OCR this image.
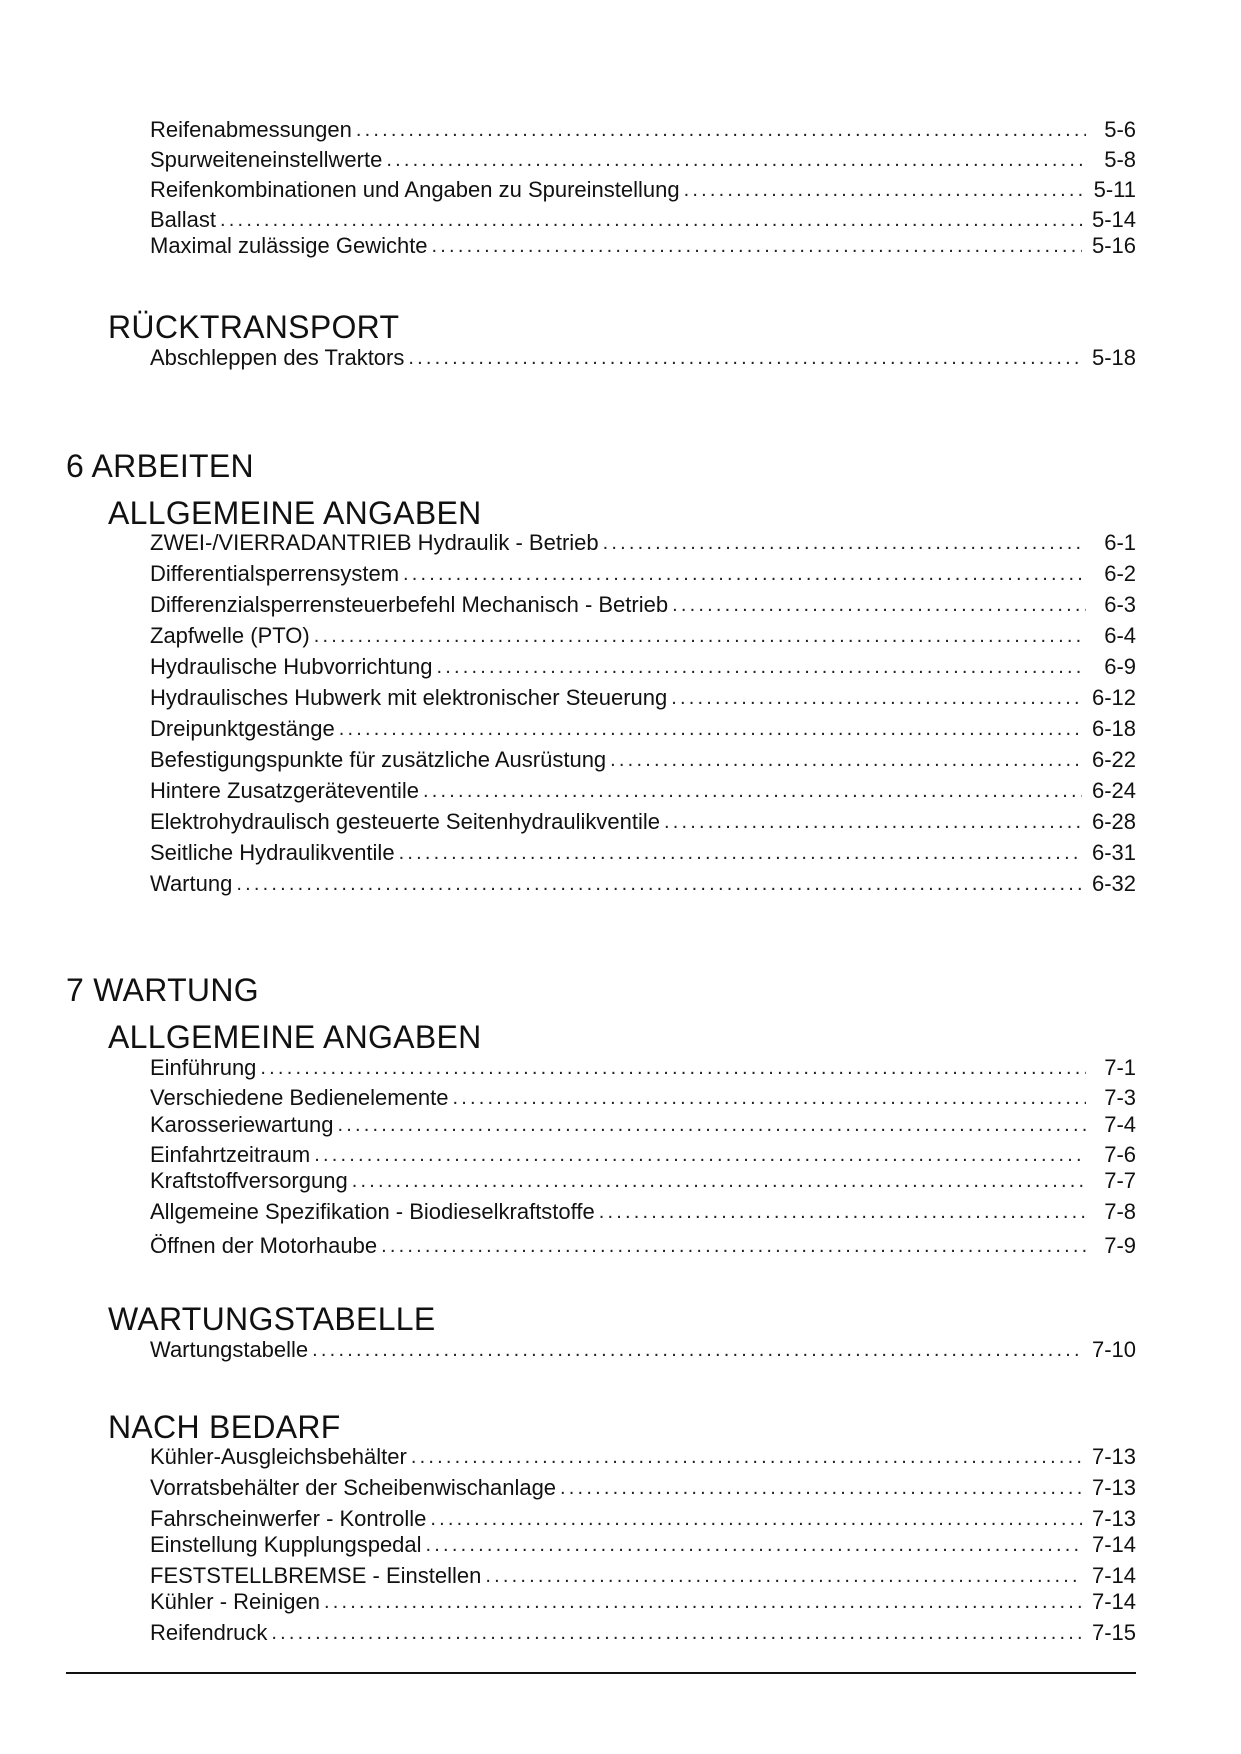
Reifenabmessungen .....	5-6
Spurweiteneinstellwerte .....	5-8
Reifenkombinationen und Angaben zu Spureinstellung .....	5-11
Ballast .....	5-14
Maximal zulässige Gewichte .....	5-16
RÜCKTRANSPORT
Abschleppen des Traktors .....	5-18
6 ARBEITEN
ALLGEMEINE ANGABEN
ZWEI-/VIERRADANTRIEB Hydraulik - Betrieb .....	6-1
Differentialsperrensystem .....	6-2
Differenzialsperrensteuerbefehl Mechanisch - Betrieb .....	6-3
Zapfwelle (PTO) .....	6-4
Hydraulische Hubvorrichtung .....	6-9
Hydraulisches Hubwerk mit elektronischer Steuerung .....	6-12
Dreipunktgestänge .....	6-18
Befestigungspunkte für zusätzliche Ausrüstung .....	6-22
Hintere Zusatzgeräteventile .....	6-24
Elektrohydraulisch gesteuerte Seitenhydraulikventile .....	6-28
Seitliche Hydraulikventile .....	6-31
Wartung .....	6-32
7 WARTUNG
ALLGEMEINE ANGABEN
Einführung .....	7-1
Verschiedene Bedienelemente .....	7-3
Karosseriewartung .....	7-4
Einfahrtzeitraum .....	7-6
Kraftstoffversorgung .....	7-7
Allgemeine Spezifikation - Biodieselkraftstoffe .....	7-8
Öffnen der Motorhaube .....	7-9
WARTUNGSTABELLE
Wartungstabelle .....	7-10
NACH BEDARF
Kühler-Ausgleichsbehälter .....	7-13
Vorratsbehälter der Scheibenwischanlage .....	7-13
Fahrscheinwerfer - Kontrolle .....	7-13
Einstellung Kupplungspedal .....	7-14
FESTSTELLBREMSE - Einstellen .....	7-14
Kühler - Reinigen .....	7-14
Reifendruck .....	7-15
